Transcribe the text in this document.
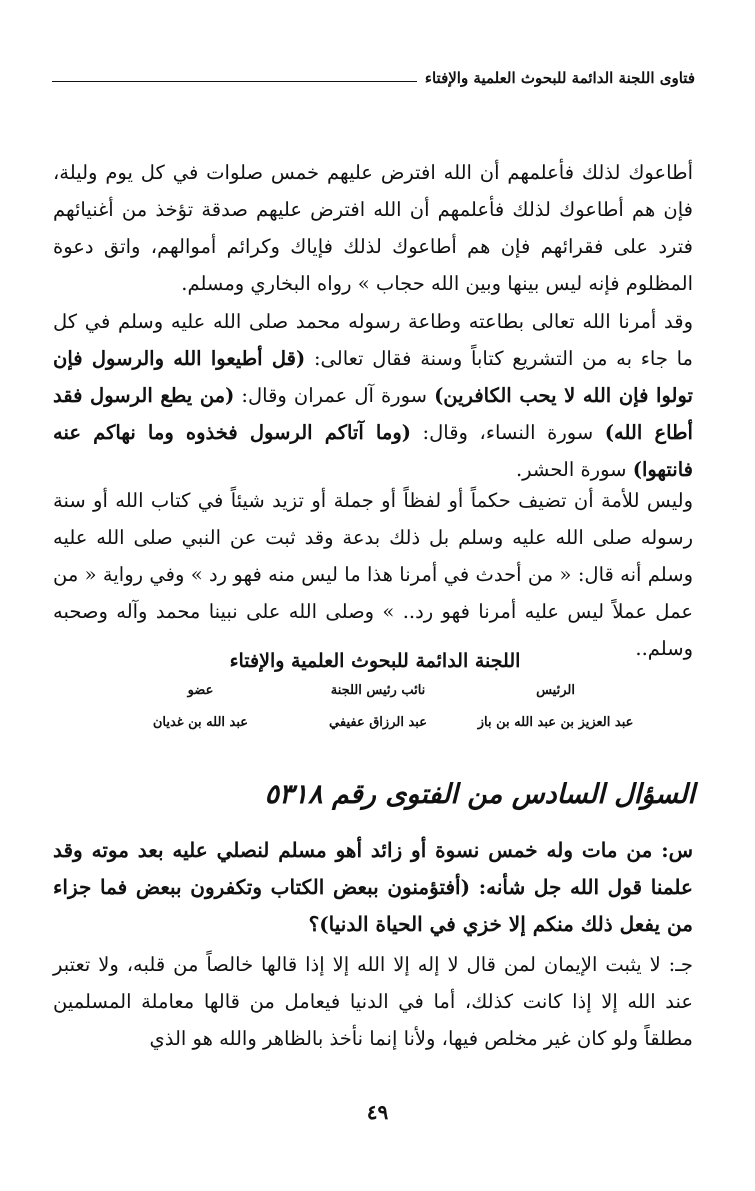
فتاوى اللجنة الدائمة للبحوث العلمية والإفتاء

أطاعوك لذلك فأعلمهم أن الله افترض عليهم خمس صلوات في كل يوم وليلة، فإن هم أطاعوك لذلك فأعلمهم أن الله افترض عليهم صدقة تؤخذ من أغنيائهم فترد على فقرائهم فإن هم أطاعوك لذلك فإياك وكرائم أموالهم، واتق دعوة المظلوم فإنه ليس بينها وبين الله حجاب » رواه البخاري ومسلم.

وقد أمرنا الله تعالى بطاعته وطاعة رسوله محمد صلى الله عليه وسلم في كل ما جاء به من التشريع كتاباً وسنة فقال تعالى: (قل أطيعوا الله والرسول فإن تولوا فإن الله لا يحب الكافرين) سورة آل عمران وقال: (من يطع الرسول فقد أطاع الله) سورة النساء، وقال: (وما آتاكم الرسول فخذوه وما نهاكم عنه فانتهوا) سورة الحشر.

وليس للأمة أن تضيف حكماً أو لفظاً أو جملة أو تزيد شيئاً في كتاب الله أو سنة رسوله صلى الله عليه وسلم بل ذلك بدعة وقد ثبت عن النبي صلى الله عليه وسلم أنه قال: « من أحدث في أمرنا هذا ما ليس منه فهو رد » وفي رواية « من عمل عملاً ليس عليه أمرنا فهو رد.. » وصلى الله على نبينا محمد وآله وصحبه وسلم..

اللجنة الدائمة للبحوث العلمية والإفتاء
الرئيس
نائب رئيس اللجنة
عضو
عبد العزيز بن عبد الله بن باز
عبد الرزاق عفيفي
عبد الله بن غديان
السؤال السادس من الفتوى رقم ٥٣١٨

س: من مات وله خمس نسوة أو زائد أهو مسلم لنصلي عليه بعد موته وقد علمنا قول الله جل شأنه: (أفتؤمنون ببعض الكتاب وتكفرون ببعض فما جزاء من يفعل ذلك منكم إلا خزي في الحياة الدنيا)؟

جـ: لا يثبت الإيمان لمن قال لا إله إلا الله إلا إذا قالها خالصاً من قلبه، ولا تعتبر عند الله إلا إذا كانت كذلك، أما في الدنيا فيعامل من قالها معاملة المسلمين مطلقاً ولو كان غير مخلص فيها، ولأنا إنما نأخذ بالظاهر والله هو الذي

٤٩
